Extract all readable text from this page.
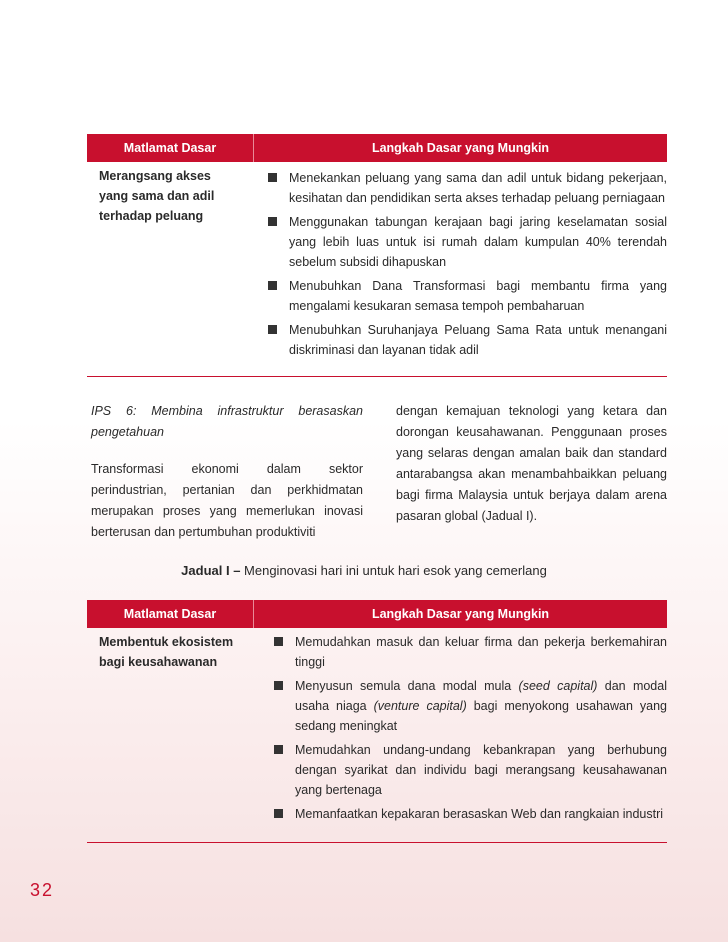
Matlamat Dasar	Langkah Dasar yang Mungkin
Merangsang akses
yang sama dan adil
terhadap peluang
Menekankan peluang yang sama dan adil untuk bidang pekerjaan, kesihatan dan pendidikan serta akses terhadap peluang perniagaan
Menggunakan tabungan kerajaan bagi jaring keselamatan sosial yang lebih luas untuk isi rumah dalam kumpulan 40% terendah sebelum subsidi dihapuskan
Menubuhkan Dana Transformasi bagi membantu firma yang mengalami kesukaran semasa tempoh pembaharuan
Menubuhkan Suruhanjaya Peluang Sama Rata untuk menangani diskriminasi dan layanan tidak adil
IPS 6: Membina infrastruktur berasaskan pengetahuan
Transformasi ekonomi dalam sektor perindustrian, pertanian dan perkhidmatan merupakan proses yang memerlukan inovasi berterusan dan pertumbuhan produktiviti
dengan kemajuan teknologi yang ketara dan dorongan keusahawanan. Penggunaan proses yang selaras dengan amalan baik dan standard antarabangsa akan menambahbaikkan peluang bagi firma Malaysia untuk berjaya dalam arena pasaran global (Jadual I).
Jadual I – Menginovasi hari ini untuk hari esok yang cemerlang
Matlamat Dasar	Langkah Dasar yang Mungkin
Membentuk ekosistem
bagi keusahawanan
Memudahkan masuk dan keluar firma dan pekerja berkemahiran tinggi
Menyusun semula dana modal mula (seed capital) dan modal usaha niaga (venture capital) bagi menyokong usahawan yang sedang meningkat
Memudahkan undang-undang kebankrapan yang berhubung dengan syarikat dan individu bagi merangsang keusahawanan yang bertenaga
Memanfaatkan kepakaran berasaskan Web dan rangkaian industri
32
